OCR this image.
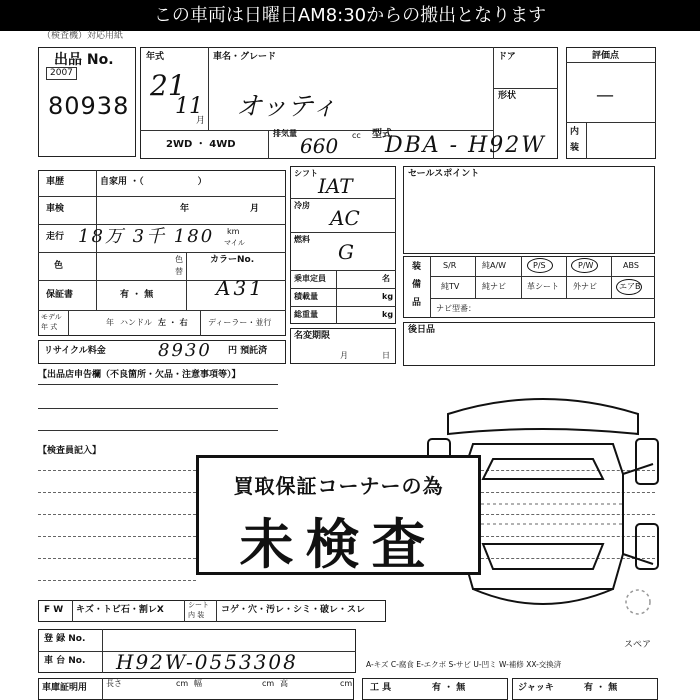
この車両は日曜日AM8:30からの搬出となります
（検査機）対応用紙
出品 No.
2007
80938
年式
21
11
月
車名・グレード
オッティ
ドア
形状
2WD ・ 4WD
排気量
660 cc 型式
DBA - H92W
評価点
—
内
装
車歴	自家用 ・（　　　　　　）
車検	年	月
走行 18万 3千 180 km
マイル
色
色
替
カラーNo.
保証書	有 ・ 無	A31
モデル
年 式	年 ハンドル 左 ・ 右	ディーラー・並行
リサイクル料金	8930 円 預託済
シフト
IAT
冷房
AC
燃料
G
乗車定員	名
積載量	kg
総重量	kg
名変期限
月	日
セールスポイント
装
備
品
S/R	純A/W	P/S	P/W	ABS
純TV	純ナビ	革シート 外ナビ	エアB
ナビ型番：
後日品
【出品店申告欄（不良箇所・欠品・注意事項等）】
【検査員記入】
スペア
買取保証コーナーの為
未検査
F W キズ・トビ石・割レX	シート
内 装 コゲ・穴・汚レ・シミ・破レ・スレ
登 録 No.
車 台 No. H92W-0553308	A-キズ C-腐食 E-エクボ S-サビ U-凹ミ W-補修 XX-交換済
車庫証明用 長さ	cm 幅	cm 高	cm 工 具	有 ・ 無	ジャッキ	有 ・ 無
